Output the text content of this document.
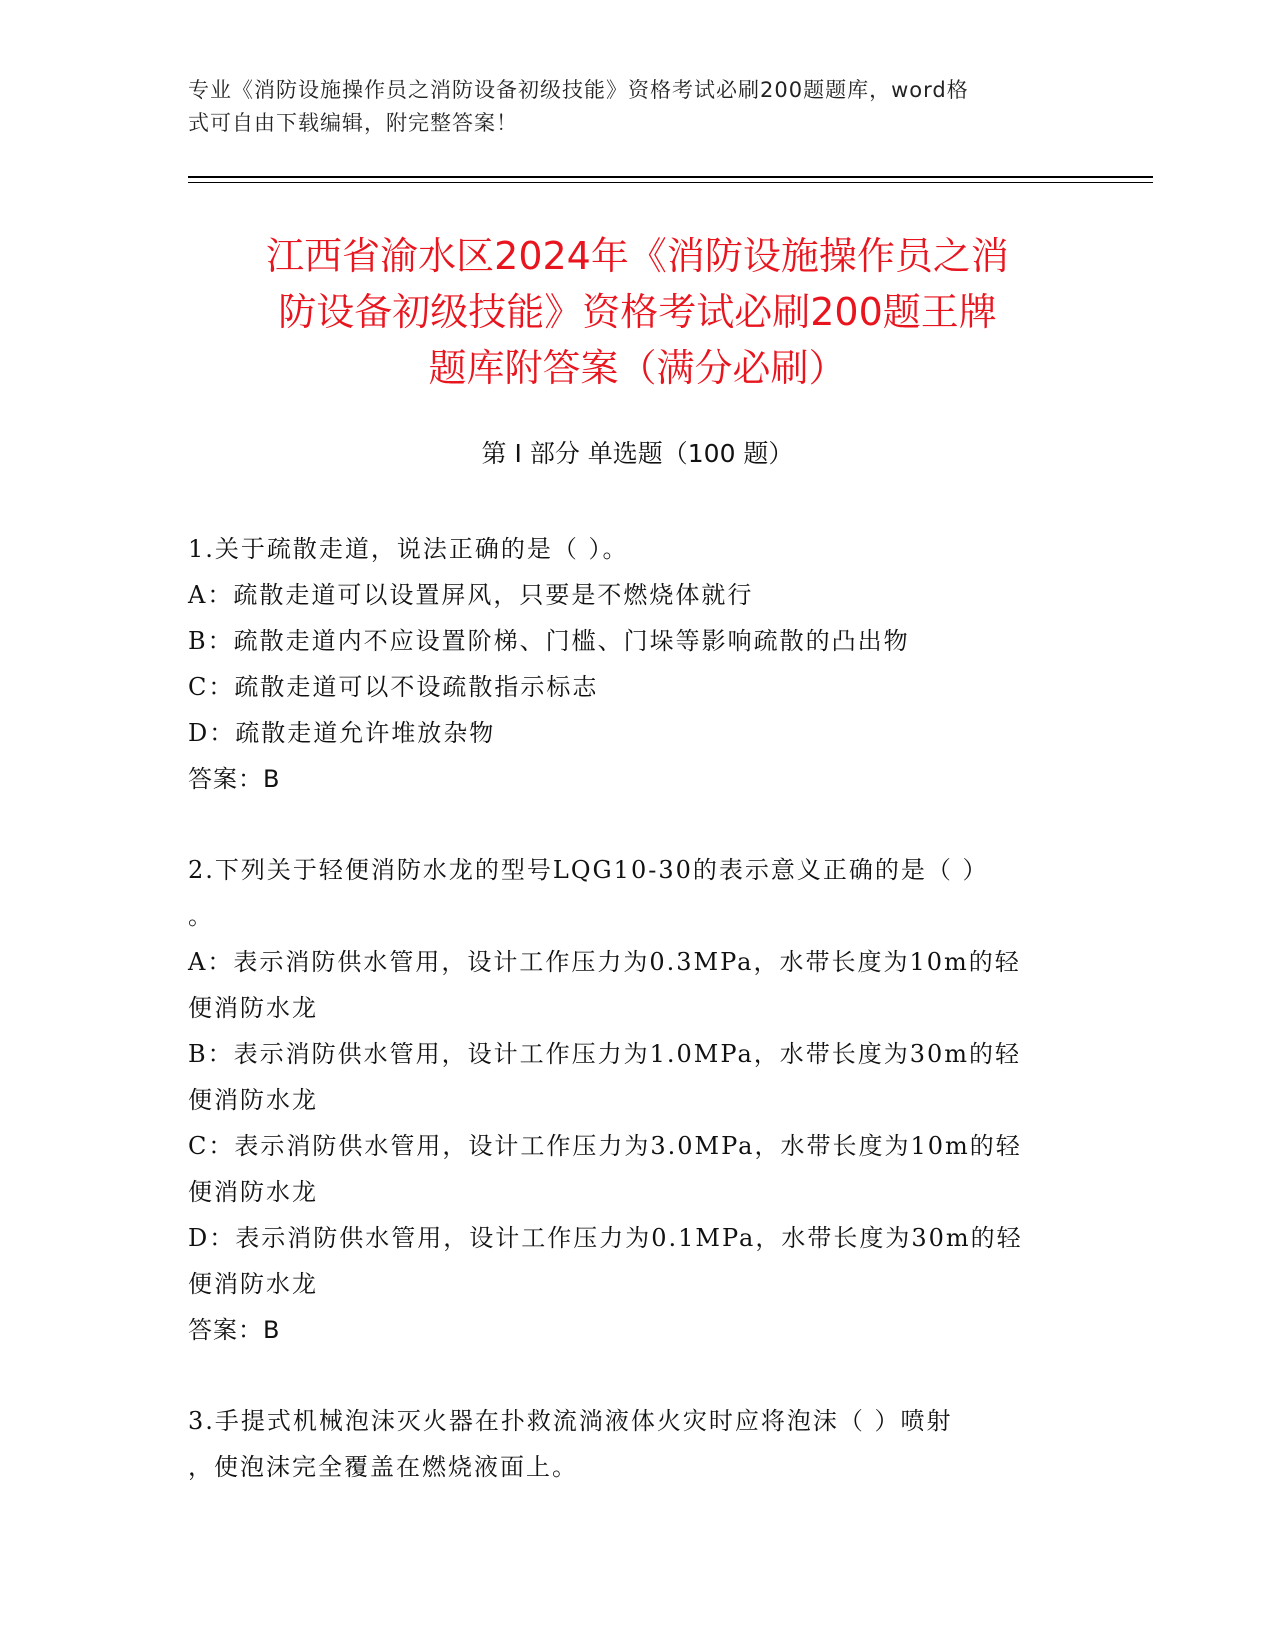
专业《消防设施操作员之消防设备初级技能》资格考试必刷200题题库，word格
式可自由下载编辑，附完整答案！
江西省渝水区2024年《消防设施操作员之消
防设备初级技能》资格考试必刷200题王牌
题库附答案（满分必刷）
第 I 部分 单选题（100 题）
1.关于疏散走道，说法正确的是（ ）。
A：疏散走道可以设置屏风，只要是不燃烧体就行
B：疏散走道内不应设置阶梯、门槛、门垛等影响疏散的凸出物
C：疏散走道可以不设疏散指示标志
D：疏散走道允许堆放杂物
答案：B
2.下列关于轻便消防水龙的型号LQG10-30的表示意义正确的是（ ）
。
A：表示消防供水管用，设计工作压力为0.3MPa，水带长度为10m的轻
便消防水龙
B：表示消防供水管用，设计工作压力为1.0MPa，水带长度为30m的轻
便消防水龙
C：表示消防供水管用，设计工作压力为3.0MPa，水带长度为10m的轻
便消防水龙
D：表示消防供水管用，设计工作压力为0.1MPa，水带长度为30m的轻
便消防水龙
答案：B
3.手提式机械泡沫灭火器在扑救流淌液体火灾时应将泡沫（ ）喷射
，使泡沫完全覆盖在燃烧液面上。
